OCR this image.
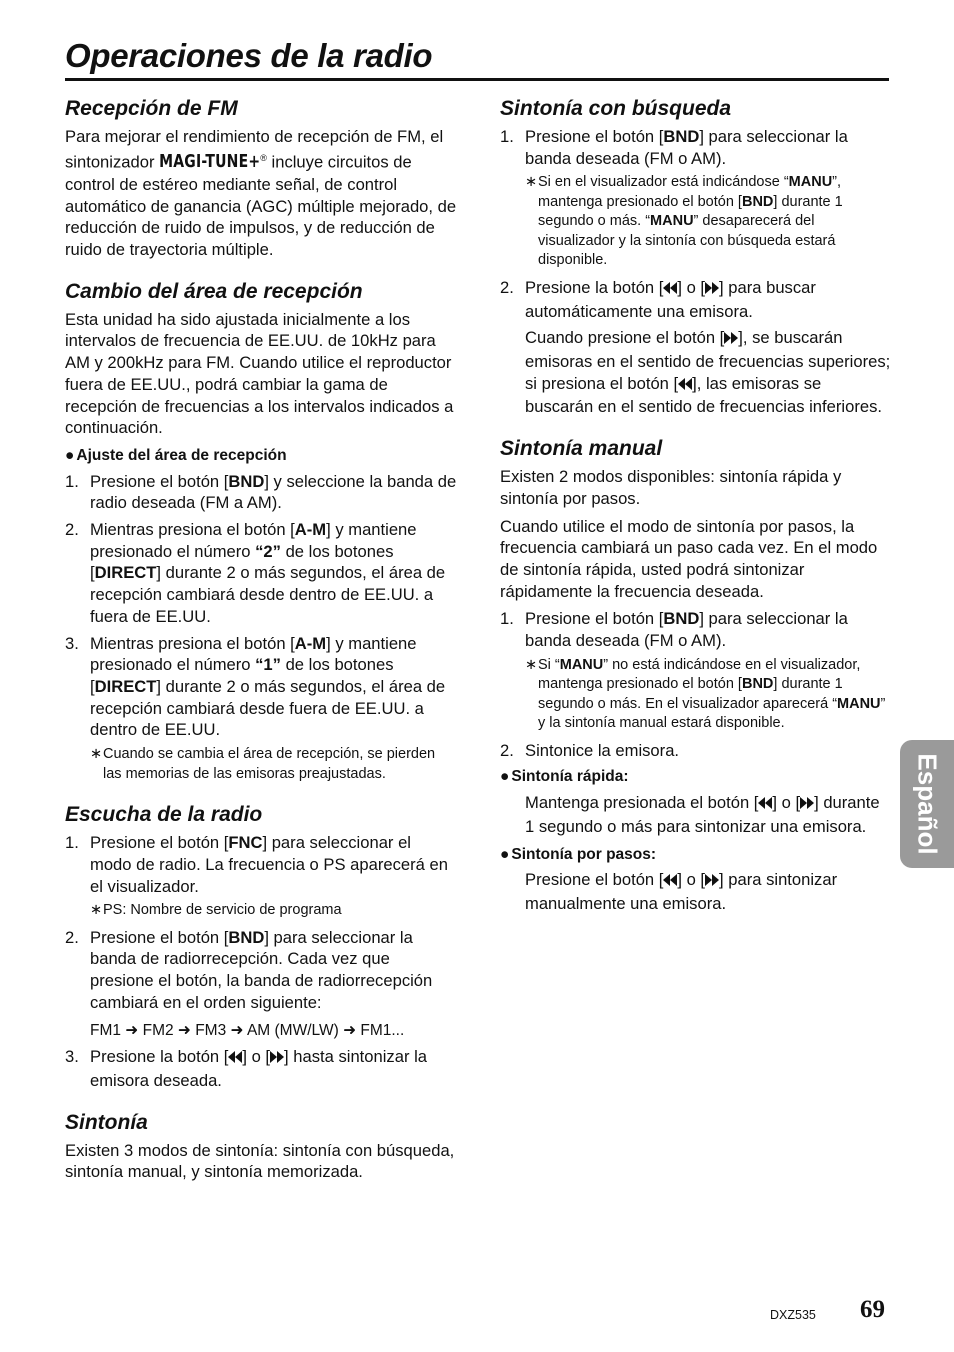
Operaciones de la radio
Recepción de FM

Para mejorar el rendimiento de recepción de FM, el sintonizador MAGI-TUNE+® incluye circuitos de control de estéreo mediante señal, de control automático de ganancia (AGC) múltiple mejorado, de reducción de ruido de impulsos, y de reducción de ruido de trayectoria múltiple.

Cambio del área de recepción

Esta unidad ha sido ajustada inicialmente a los intervalos de frecuencia de EE.UU. de 10kHz para AM y 200kHz para FM. Cuando utilice el reproductor fuera de EE.UU., podrá cambiar la gama de recepción de frecuencias a los intervalos indicados a continuación.

● Ajuste del área de recepción
1. Presione el botón [BND] y seleccione la banda de radio deseada (FM a AM).
2. Mientras presiona el botón [A-M] y mantiene presionado el número “2” de los botones [DIRECT] durante 2 o más segundos, el área de recepción cambiará desde dentro de EE.UU. a fuera de EE.UU.
3. Mientras presiona el botón [A-M] y mantiene presionado el número “1” de los botones [DIRECT] durante 2 o más segundos, el área de recepción cambiará desde fuera de EE.UU. a dentro de EE.UU.
∗ Cuando se cambia el área de recepción, se pierden las memorias de las emisoras preajustadas.
Escucha de la radio
1. Presione el botón [FNC] para seleccionar el modo de radio. La frecuencia o PS aparecerá en el visualizador.
∗ PS: Nombre de servicio de programa
2. Presione el botón [BND] para seleccionar la banda de radiorrecepción. Cada vez que presione el botón, la banda de radiorrecepción cambiará en el orden siguiente:
FM1 ➜ FM2 ➜ FM3 ➜ AM (MW/LW) ➜ FM1...
3. Presione la botón [ ] o [ ] hasta sintonizar la emisora deseada.
Sintonía

Existen 3 modos de sintonía: sintonía con búsqueda, sintonía manual, y sintonía memorizada.

Sintonía con búsqueda
1. Presione el botón [BND] para seleccionar la banda deseada (FM o AM).
∗ Si en el visualizador está indicándose “MANU”, mantenga presionado el botón [BND] durante 1 segundo o más. “MANU” desaparecerá del visualizador y la sintonía con búsqueda estará disponible.
2. Presione la botón [ ] o [ ] para buscar automáticamente una emisora.

Cuando presione el botón [ ], se buscarán emisoras en el sentido de frecuencias superiores; si presiona el botón [ ], las emisoras se buscarán en el sentido de frecuencias inferiores.

Sintonía manual

Existen 2 modos disponibles: sintonía rápida y sintonía por pasos.

Cuando utilice el modo de sintonía por pasos, la frecuencia cambiará un paso cada vez. En el modo de sintonía rápida, usted podrá sintonizar rápidamente la frecuencia deseada.

1. Presione el botón [BND] para seleccionar la banda deseada (FM o AM).
∗ Si “MANU” no está indicándose en el visualizador, mantenga presionado el botón [BND] durante 1 segundo o más. En el visualizador aparecerá “MANU” y la sintonía manual estará disponible.
2. Sintonice la emisora.
● Sintonía rápida:

Mantenga presionada el botón [ ] o [ ] durante 1 segundo o más para sintonizar una emisora.

● Sintonía por pasos:

Presione el botón [ ] o [ ] para sintonizar manualmente una emisora.

Español
DXZ535 69
